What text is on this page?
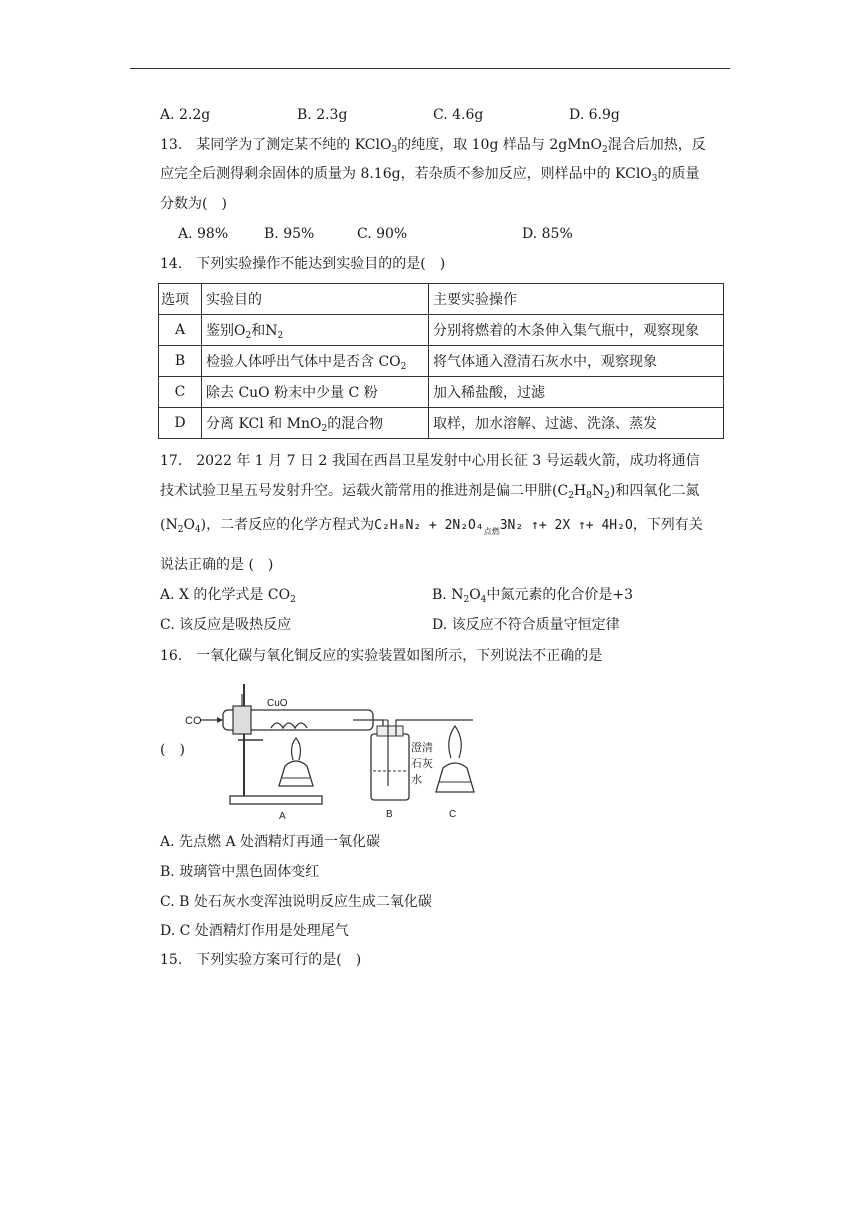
A. 2.2g	B. 2.3g	C. 4.6g	D. 6.9g
13.　某同学为了测定某不纯的 KClO$_3$的纯度，取 10g 样品与 2gMnO$_2$混合后加热，反
应完全后测得剩余固体的质量为 8.16g，若杂质不参加反应，则样品中的 KClO$_3$的质量
分数为(　)
A. 98%	B. 95%	C. 90%	D. 85%
14.　下列实验操作不能达到实验目的的是(　)
选项	实验目的	主要实验操作
A	鉴别$O_2$和$N_2$	分别将燃着的木条伸入集气瓶中，观察现象
B	检验人体呼出气体中是否含 $CO_2$	将气体通入澄清石灰水中，观察现象
C	除去 CuO 粉末中少量 C 粉	加入稀盐酸，过滤
D	分离 KCl 和 MnO$_2$的混合物	取样，加水溶解、过滤、洗涤、蒸发
17.　2022 年 1 月 7 日 2 我国在西昌卫星发射中心用长征 3 号运载火箭，成功将通信
技术试验卫星五号发射升空。运载火箭常用的推进剂是偏二甲肼$(C_2H_8N_2)$和四氧化二氮
$(N_2O_4)$，二者反应的化学方程式为$C_2H_8N_2 + 2N_2O_4_{点燃}3N_2$ ↑+ 2X ↑+ 4H₂O，下列有关
说法正确的是 (　)
A. X 的化学式是 $CO_2$	B. $N_2O_4$中氮元素的化合价是+3
C. 该反应是吸热反应	D. 该反应不符合质量守恒定律
16.　一氧化碳与氧化铜反应的实验装置如图所示，下列说法不正确的是
(　)
CO
CuO
A	B	C
澄清
石灰
水
A. 先点燃 A 处酒精灯再通一氧化碳
B. 玻璃管中黑色固体变红
C. B 处石灰水变浑浊说明反应生成二氧化碳
D. C 处酒精灯作用是处理尾气
15.　下列实验方案可行的是(　)
